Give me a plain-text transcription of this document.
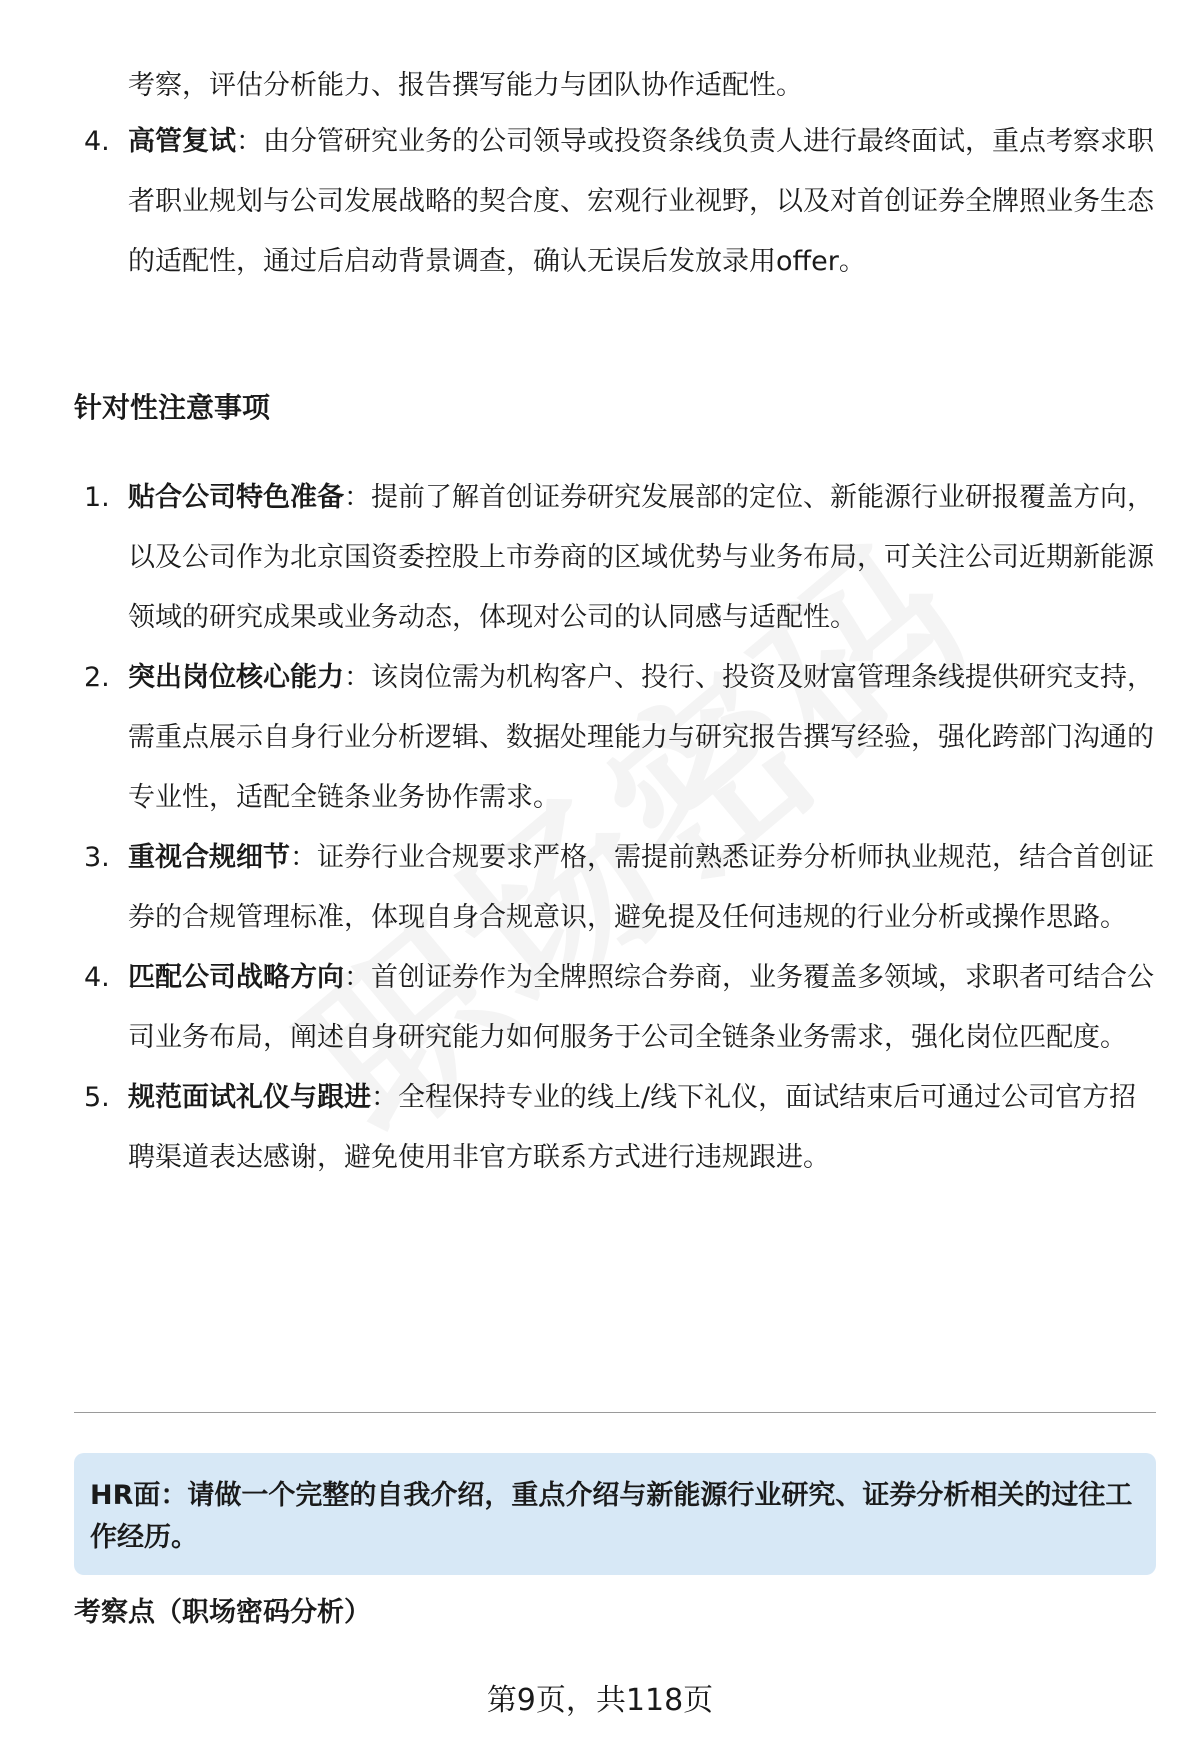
考察，评估分析能力、报告撰写能力与团队协作适配性。
4. 高管复试：由分管研究业务的公司领导或投资条线负责人进行最终面试，重点考察求职者职业规划与公司发展战略的契合度、宏观行业视野，以及对首创证券全牌照业务生态的适配性，通过后启动背景调查，确认无误后发放录用offer。
针对性注意事项
1. 贴合公司特色准备：提前了解首创证券研究发展部的定位、新能源行业研报覆盖方向，以及公司作为北京国资委控股上市券商的区域优势与业务布局，可关注公司近期新能源领域的研究成果或业务动态，体现对公司的认同感与适配性。
2. 突出岗位核心能力：该岗位需为机构客户、投行、投资及财富管理条线提供研究支持，需重点展示自身行业分析逻辑、数据处理能力与研究报告撰写经验，强化跨部门沟通的专业性，适配全链条业务协作需求。
3. 重视合规细节：证券行业合规要求严格，需提前熟悉证券分析师执业规范，结合首创证券的合规管理标准，体现自身合规意识，避免提及任何违规的行业分析或操作思路。
4. 匹配公司战略方向：首创证券作为全牌照综合券商，业务覆盖多领域，求职者可结合公司业务布局，阐述自身研究能力如何服务于公司全链条业务需求，强化岗位匹配度。
5. 规范面试礼仪与跟进：全程保持专业的线上/线下礼仪，面试结束后可通过公司官方招聘渠道表达感谢，避免使用非官方联系方式进行违规跟进。
HR面：请做一个完整的自我介绍，重点介绍与新能源行业研究、证券分析相关的过往工作经历。
考察点（职场密码分析）
第9页，共118页
